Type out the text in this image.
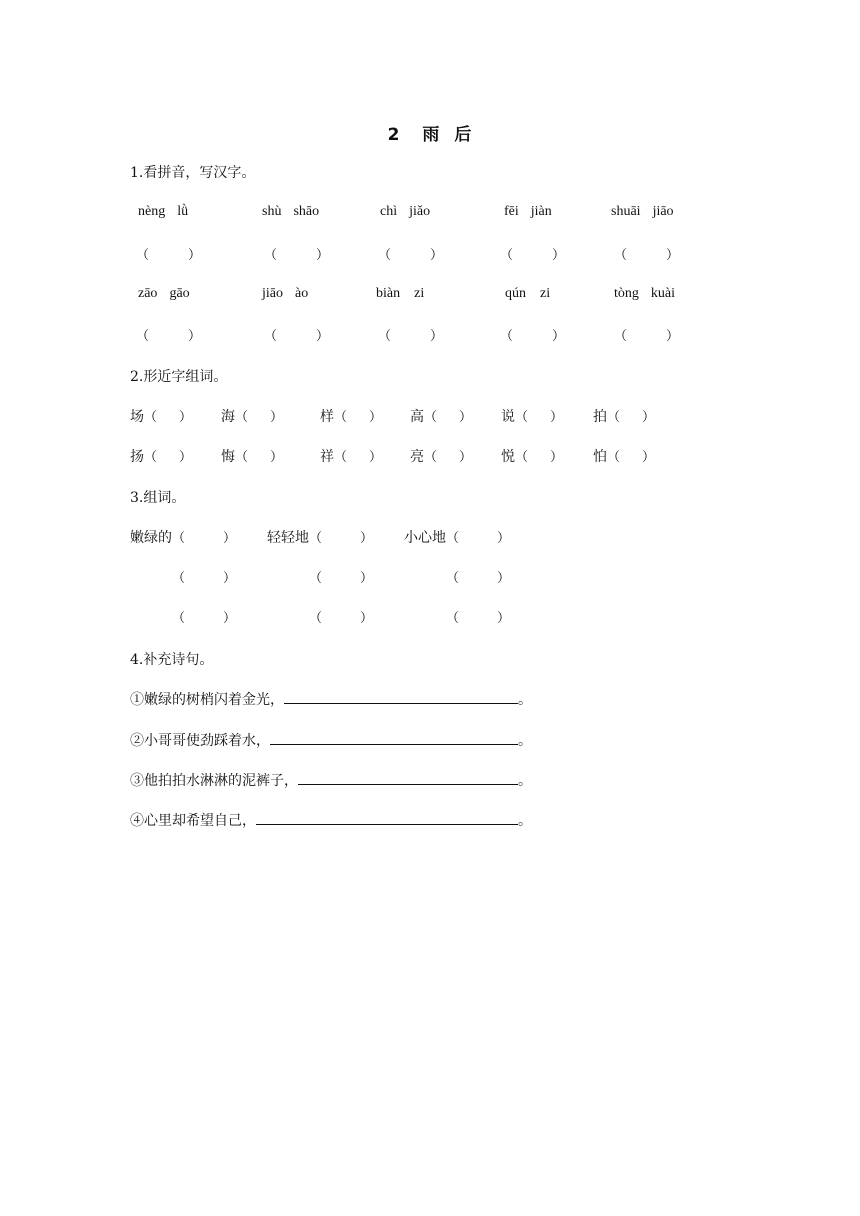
2 雨 后
1.看拼音，写汉字。
nèng lǜ	shù shāo	chì jiǎo	fēi jiàn	shuāi jiāo
（	）	（	）	（	）	（	）	（	）
zāo gāo	jiāo ào	biàn zi	qún zi	tòng kuài
（	）	（	）	（	）	（	）	（	）
2.形近字组词。
场（ ） 海（ ）	样（ ） 高（ ） 说（ ） 拍（ ）
扬（ ） 悔（ ）	祥（ ） 亮（ ） 悦（ ） 怕（ ）
3.组词。
嫩绿的（	） 轻轻地（	） 小心地（	）
（	）	（	）	（	）
（	）	（	）	（	）
4.补充诗句。
①嫩绿的树梢闪着金光，	。
②小哥哥使劲踩着水，	。
③他拍拍水淋淋的泥裤子，	。
④心里却希望自己，	。
